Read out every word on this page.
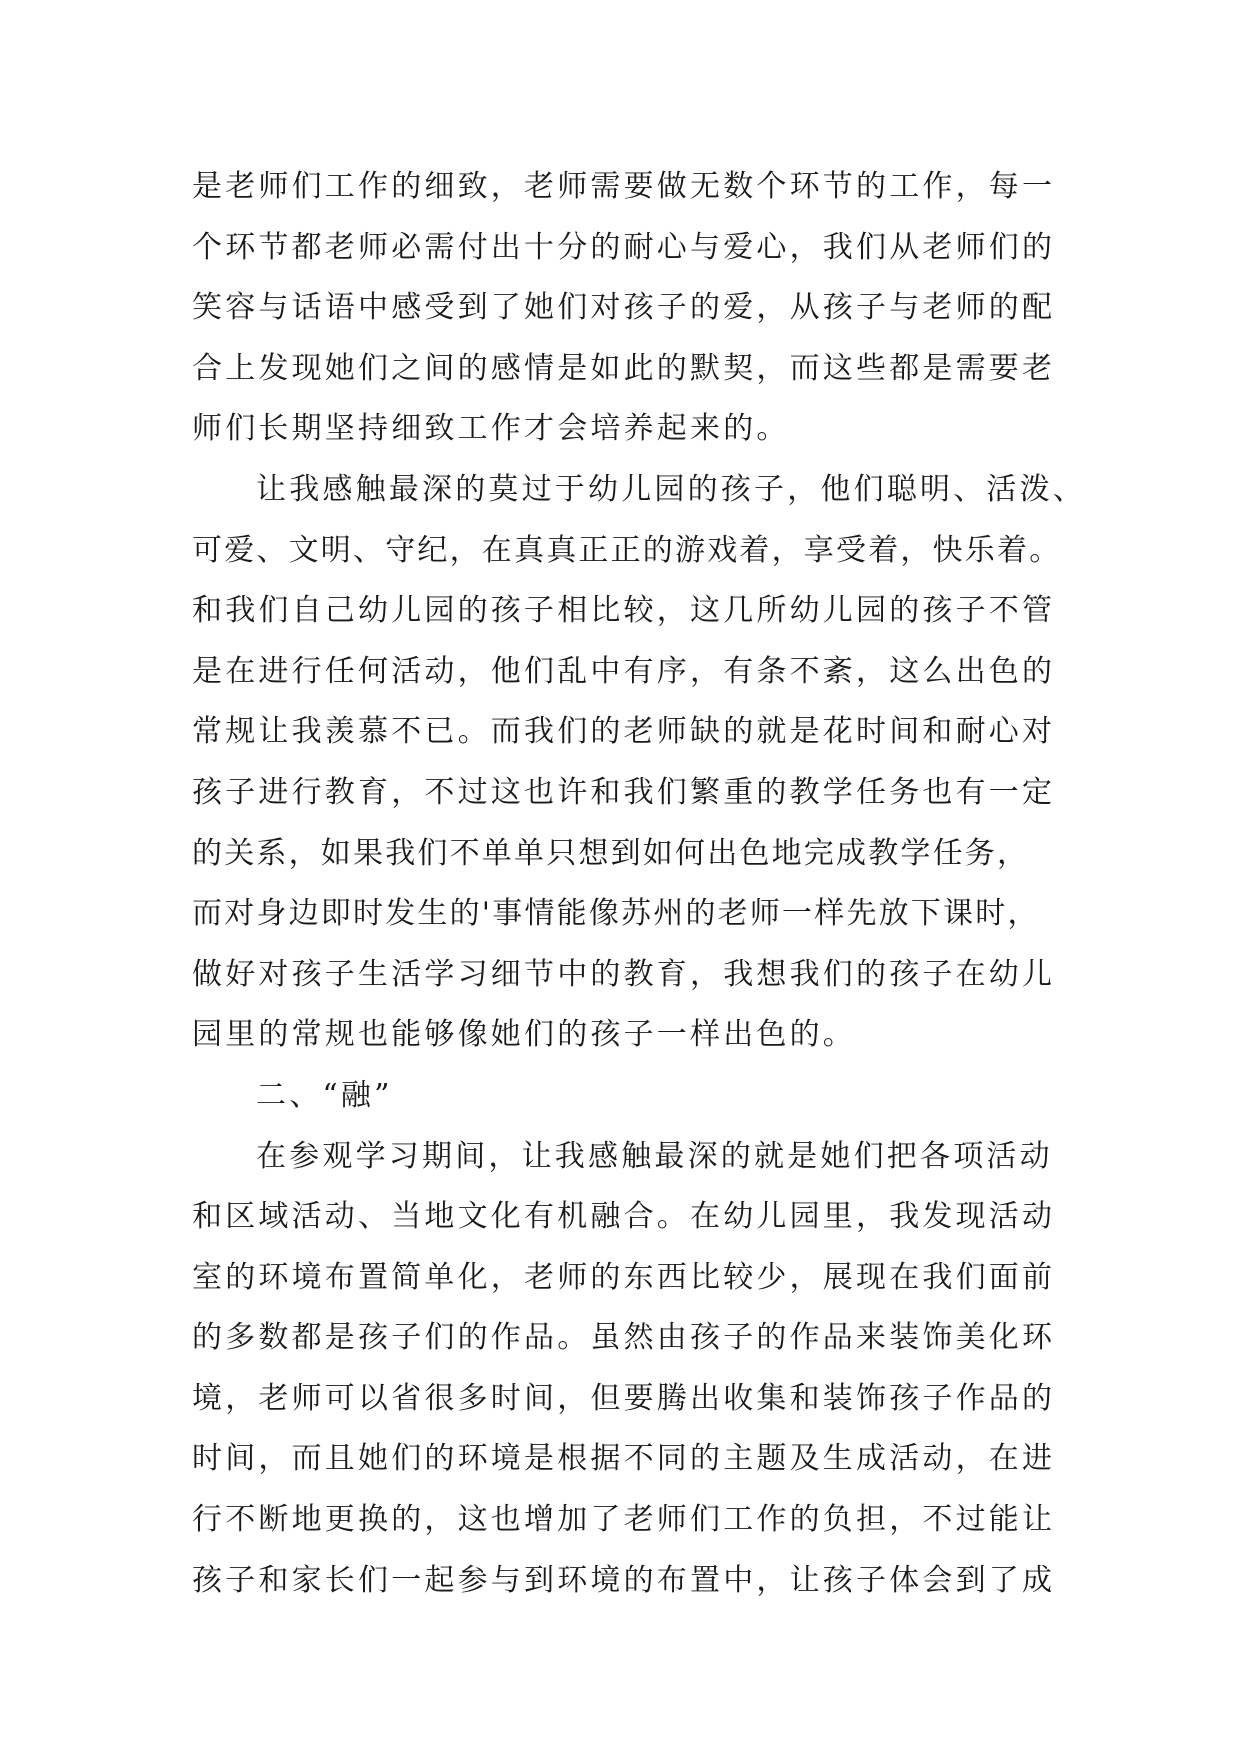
是老师们工作的细致，老师需要做无数个环节的工作，每一
个环节都老师必需付出十分的耐心与爱心，我们从老师们的
笑容与话语中感受到了她们对孩子的爱，从孩子与老师的配
合上发现她们之间的感情是如此的默契，而这些都是需要老
师们长期坚持细致工作才会培养起来的。
让我感触最深的莫过于幼儿园的孩子，他们聪明、活泼、
可爱、文明、守纪，在真真正正的游戏着，享受着，快乐着。
和我们自己幼儿园的孩子相比较，这几所幼儿园的孩子不管
是在进行任何活动，他们乱中有序，有条不紊，这么出色的
常规让我羡慕不已。而我们的老师缺的就是花时间和耐心对
孩子进行教育，不过这也许和我们繁重的教学任务也有一定
的关系，如果我们不单单只想到如何出色地完成教学任务，
而对身边即时发生的'事情能像苏州的老师一样先放下课时，
做好对孩子生活学习细节中的教育，我想我们的孩子在幼儿
园里的常规也能够像她们的孩子一样出色的。
二、“融”
在参观学习期间，让我感触最深的就是她们把各项活动
和区域活动、当地文化有机融合。在幼儿园里，我发现活动
室的环境布置简单化，老师的东西比较少，展现在我们面前
的多数都是孩子们的作品。虽然由孩子的作品来装饰美化环
境，老师可以省很多时间，但要腾出收集和装饰孩子作品的
时间，而且她们的环境是根据不同的主题及生成活动，在进
行不断地更换的，这也增加了老师们工作的负担，不过能让
孩子和家长们一起参与到环境的布置中，让孩子体会到了成
